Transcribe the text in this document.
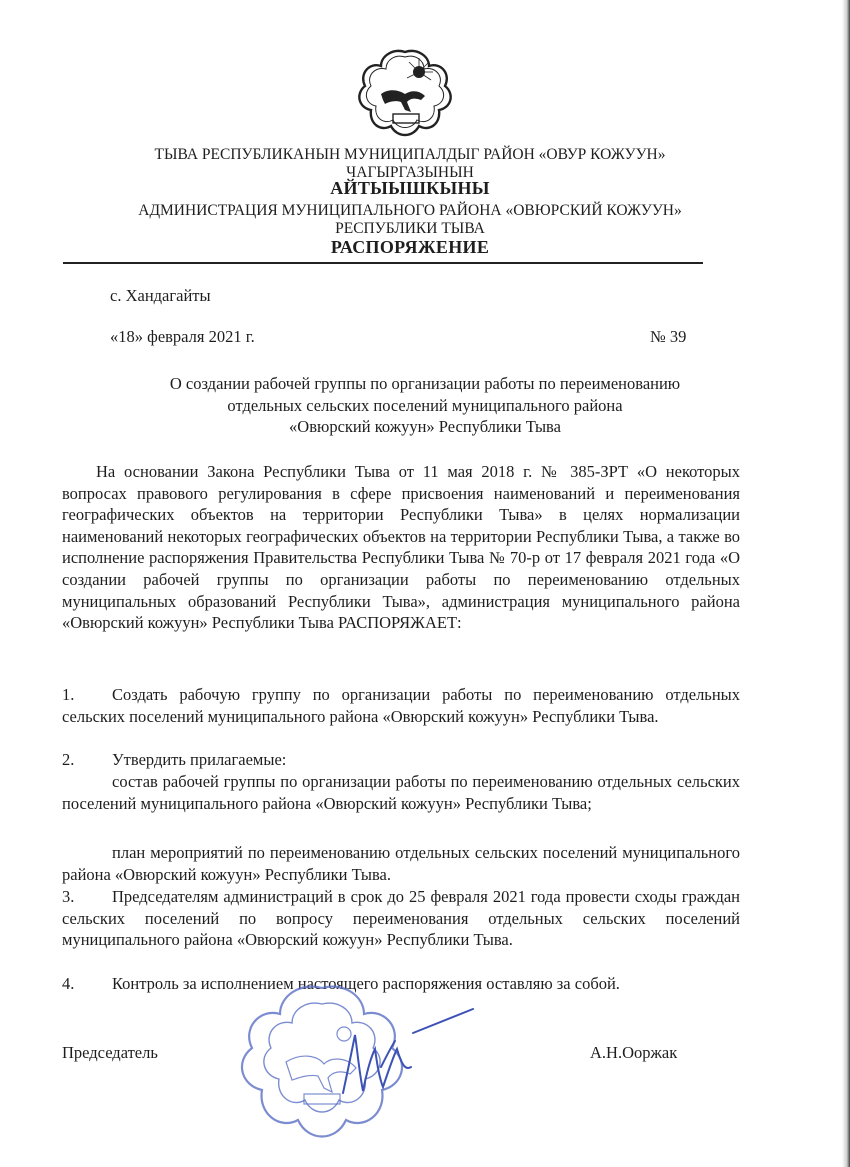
ТЫВА РЕСПУБЛИКАНЫН МУНИЦИПАЛДЫГ РАЙОН «ОВУР КОЖУУН»
ЧАГЫРГАЗЫНЫН
АЙТЫЫШКЫНЫ
АДМИНИСТРАЦИЯ МУНИЦИПАЛЬНОГО РАЙОНА «ОВЮРСКИЙ КОЖУУН»
РЕСПУБЛИКИ ТЫВА
РАСПОРЯЖЕНИЕ
с. Хандагайты
«18» февраля 2021 г.	№ 39
О создании рабочей группы по организации работы по переименованию
отдельных сельских поселений муниципального района
«Овюрский кожуун» Республики Тыва
На основании Закона Республики Тыва от 11 мая 2018 г. № 385-ЗРТ «О некоторых вопросах правового регулирования в сфере присвоения наименований и переименования географических объектов на территории Республики Тыва» в целях нормализации наименований некоторых географических объектов на территории Республики Тыва, а также во исполнение распоряжения Правительства Республики Тыва № 70-р от 17 февраля 2021 года «О создании рабочей группы по организации работы по переименованию отдельных муниципальных образований Республики Тыва», администрация муниципального района «Овюрский кожуун» Республики Тыва РАСПОРЯЖАЕТ:
1. Создать рабочую группу по организации работы по переименованию отдельных сельских поселений муниципального района «Овюрский кожуун» Республики Тыва.
2. Утвердить прилагаемые:
состав рабочей группы по организации работы по переименованию отдельных сельских поселений муниципального района «Овюрский кожуун» Республики Тыва;
план мероприятий по переименованию отдельных сельских поселений муниципального района «Овюрский кожуун» Республики Тыва.
3. Председателям администраций в срок до 25 февраля 2021 года провести сходы граждан сельских поселений по вопросу переименования отдельных сельских поселений муниципального района «Овюрский кожуун» Республики Тыва.
4. Контроль за исполнением настоящего распоряжения оставляю за собой.
Председатель	А.Н.Ооржак
